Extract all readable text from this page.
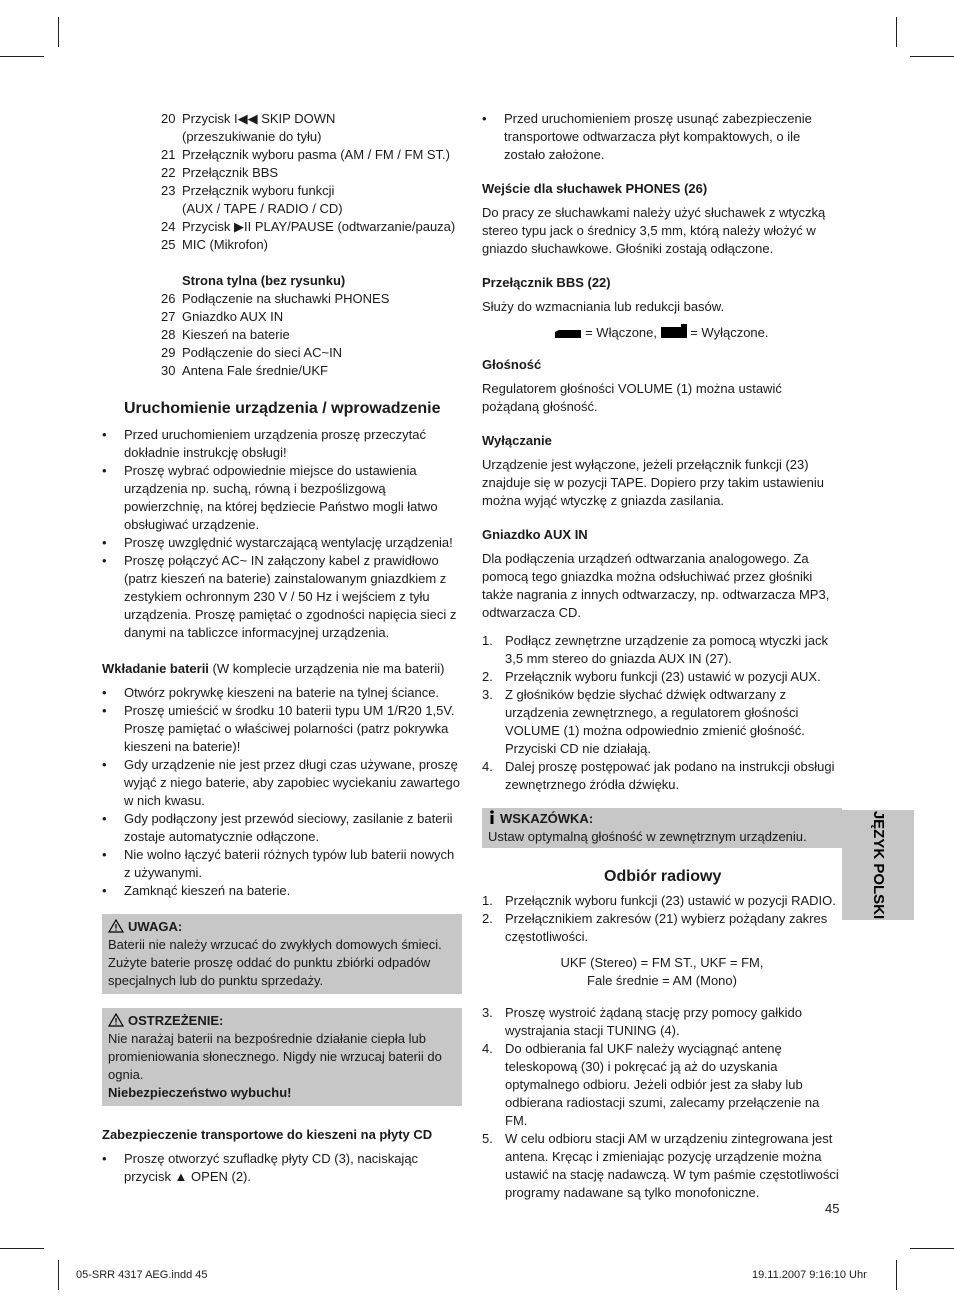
20 Przycisk I◀◀ SKIP DOWN
(przeszukiwanie do tyłu)
21 Przełącznik wyboru pasma (AM / FM / FM ST.)
22 Przełącznik BBS
23 Przełącznik wyboru funkcji
(AUX / TAPE / RADIO / CD)
24 Przycisk ▶II PLAY/PAUSE (odtwarzanie/pauza)
25 MIC (Mikrofon)
Strona tylna (bez rysunku)
26 Podłączenie na słuchawki PHONES
27 Gniazdko AUX IN
28 Kieszeń na baterie
29 Podłączenie do sieci AC~IN
30 Antena Fale średnie/UKF
Uruchomienie urządzenia / wprowadzenie
• Przed uruchomieniem urządzenia proszę przeczytać dokładnie instrukcję obsługi!
• Proszę wybrać odpowiednie miejsce do ustawienia urządzenia np. suchą, równą i bezpoślizgową powierzchnię, na której będziecie Państwo mogli łatwo obsługiwać urządzenie.
• Proszę uwzględnić wystarczającą wentylację urządzenia!
• Proszę połączyć AC~ IN załączony kabel z prawidłowo (patrz kieszeń na baterie) zainstalowanym gniazdkiem z zestykiem ochronnym 230 V / 50 Hz i wejściem z tyłu urządzenia. Proszę pamiętać o zgodności napięcia sieci z danymi na tabliczce informacyjnej urządzenia.
Wkładanie baterii (W komplecie urządzenia nie ma baterii)
• Otwórz pokrywkę kieszeni na baterie na tylnej ściance.
• Proszę umieścić w środku 10 baterii typu UM 1/R20 1,5V. Proszę pamiętać o właściwej polarności (patrz pokrywka kieszeni na baterie)!
• Gdy urządzenie nie jest przez długi czas używane, proszę wyjąć z niego baterie, aby zapobiec wyciekaniu zawartego w nich kwasu.
• Gdy podłączony jest przewód sieciowy, zasilanie z baterii zostaje automatycznie odłączone.
• Nie wolno łączyć baterii różnych typów lub baterii nowych z używanymi.
• Zamknąć kieszeń na baterie.
UWAGA:
Baterii nie należy wrzucać do zwykłych domowych śmieci. Zużyte baterie proszę oddać do punktu zbiórki odpadów specjalnych lub do punktu sprzedaży.
OSTRZEŻENIE:
Nie narażaj baterii na bezpośrednie działanie ciepła lub promieniowania słonecznego. Nigdy nie wrzucaj baterii do ognia.
Niebezpieczeństwo wybuchu!
Zabezpieczenie transportowe do kieszeni na płyty CD
• Proszę otworzyć szufladkę płyty CD (3), naciskając przycisk ▲ OPEN (2).
• Przed uruchomieniem proszę usunąć zabezpieczenie transportowe odtwarzacza płyt kompaktowych, o ile zostało założone.
Wejście dla słuchawek PHONES (26)

Do pracy ze słuchawkami należy użyć słuchawek z wtyczką stereo typu jack o średnicy 3,5 mm, którą należy włożyć w gniazdo słuchawkowe. Głośniki zostają odłączone.

Przełącznik BBS (22)

Służy do wzmacniania lub redukcji basów.

= Włączone,  = Wyłączone.
Głośność

Regulatorem głośności VOLUME (1) można ustawić pożądaną głośność.

Wyłączanie

Urządzenie jest wyłączone, jeżeli przełącznik funkcji (23) znajduje się w pozycji TAPE. Dopiero przy takim ustawieniu można wyjąć wtyczkę z gniazda zasilania.

Gniazdko AUX IN

Dla podłączenia urządzeń odtwarzania analogowego. Za pomocą tego gniazdka można odsłuchiwać przez głośniki także nagrania z innych odtwarzaczy, np. odtwarzacza MP3, odtwarzacza CD.

1. Podłącz zewnętrzne urządzenie za pomocą wtyczki jack 3,5 mm stereo do gniazda AUX IN (27).
2. Przełącznik wyboru funkcji (23) ustawić w pozycji AUX.
3. Z głośników będzie słychać dźwięk odtwarzany z urządzenia zewnętrznego, a regulatorem głośności VOLUME (1) można odpowiednio zmienić głośność. Przyciski CD nie działają.
4. Dalej proszę postępować jak podano na instrukcji obsługi zewnętrznego źródła dźwięku.
WSKAZÓWKA:
Ustaw optymalną głośność w zewnętrznym urządzeniu.
Odbiór radiowy
1. Przełącznik wyboru funkcji (23) ustawić w pozycji RADIO.
2. Przełącznikiem zakresów (21) wybierz pożądany zakres częstotliwości.
UKF (Stereo) = FM ST., UKF = FM,
Fale średnie = AM (Mono)
3. Proszę wystroić żądaną stację przy pomocy gałkido wystrajania stacji TUNING (4).
4. Do odbierania fal UKF należy wyciągnąć antenę teleskopową (30) i pokręcać ją aż do uzyskania optymalnego odbioru. Jeżeli odbiór jest za słaby lub odbierana radiostacji szumi, zalecamy przełączenie na FM.
5. W celu odbioru stacji AM w urządzeniu zintegrowana jest antena. Kręcąc i zmieniając pozycję urządzenie można ustawić na stację nadawczą. W tym paśmie częstotliwości programy nadawane są tylko monofoniczne.
JĘZYK POLSKI
45
05-SRR 4317 AEG.indd 45	19.11.2007 9:16:10 Uhr
